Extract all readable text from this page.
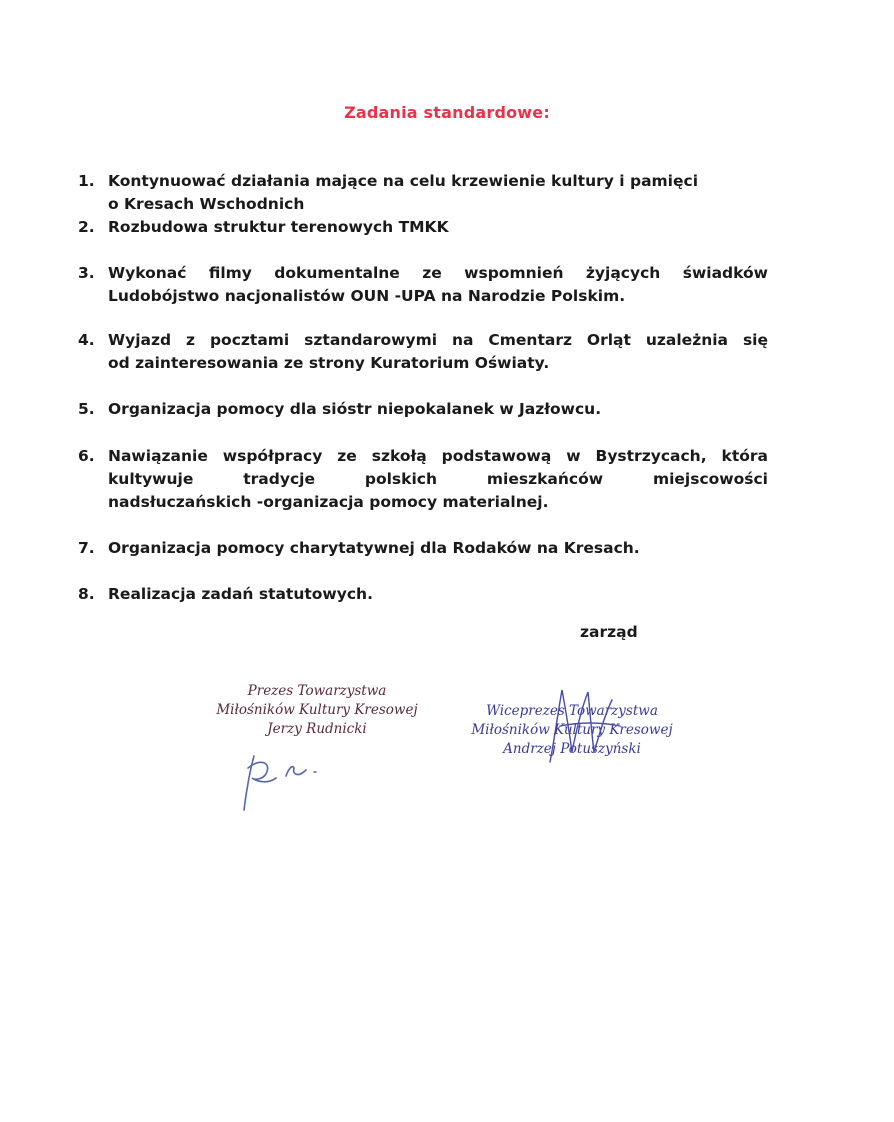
Zadania standardowe:
1. Kontynuować działania mające na celu krzewienie kultury i pamięci
o Kresach Wschodnich
2. Rozbudowa struktur terenowych TMKK
3. Wykonać filmy dokumentalne ze wspomnień żyjących świadków
Ludobójstwo nacjonalistów OUN -UPA na Narodzie Polskim.
4. Wyjazd z pocztami sztandarowymi na Cmentarz Orląt uzależnia się
od zainteresowania ze strony Kuratorium Oświaty.
5. Organizacja pomocy dla sióstr niepokalanek w Jazłowcu.
6. Nawiązanie współpracy ze szkołą podstawową w Bystrzycach, która
kultywuje tradycje polskich mieszkańców miejscowości
nadsłuczańskich -organizacja pomocy materialnej.
7. Organizacja pomocy charytatywnej dla Rodaków na Kresach.
8. Realizacja zadań statutowych.
zarząd
Prezes Towarzystwa
Miłośników Kultury Kresowej
Jerzy Rudnicki
Wiceprezes Towarzystwa
Miłośników Kultury Kresowej
Andrzej Potuszyński
